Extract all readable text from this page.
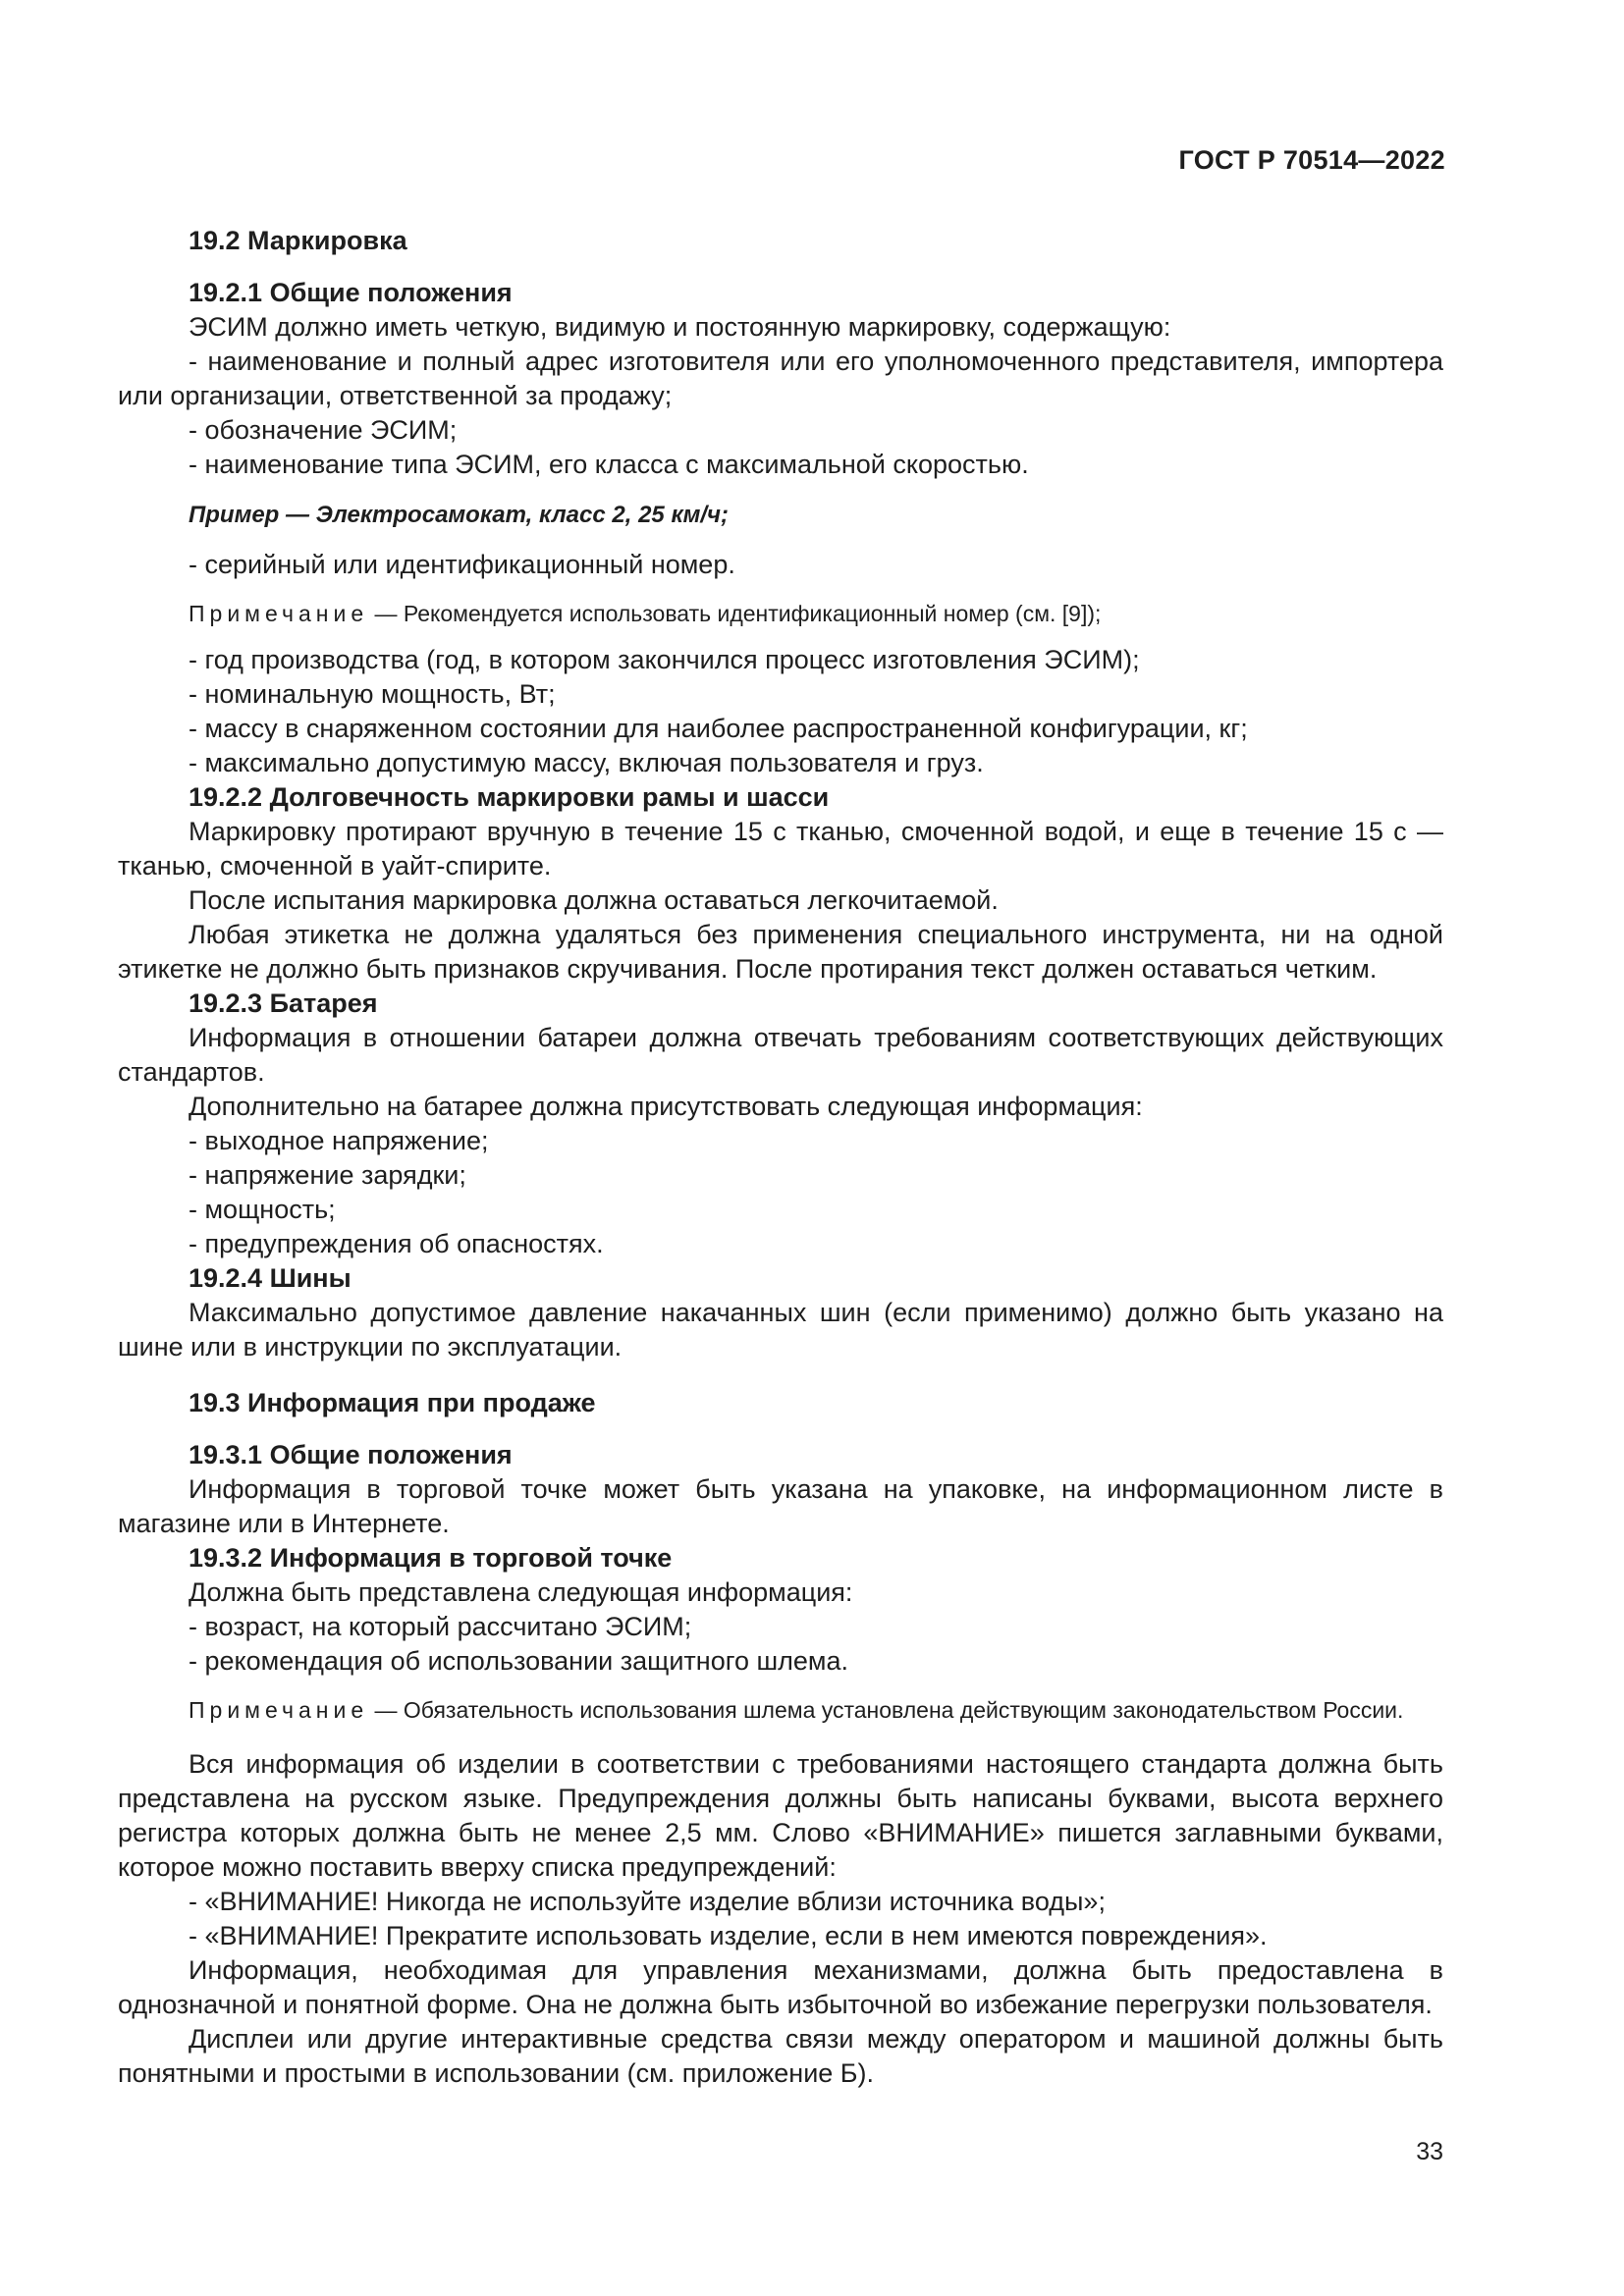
ГОСТ Р 70514—2022

19.2 Маркировка

19.2.1 Общие положения

ЭСИМ должно иметь четкую, видимую и постоянную маркировку, содержащую:

- наименование и полный адрес изготовителя или его уполномоченного представителя, импортера или организации, ответственной за продажу;

- обозначение ЭСИМ;

- наименование типа ЭСИМ, его класса с максимальной скоростью.

Пример — Электросамокат, класс 2, 25 км/ч;

- серийный или идентификационный номер.

Примечание — Рекомендуется использовать идентификационный номер (см. [9]);

- год производства (год, в котором закончился процесс изготовления ЭСИМ);

- номинальную мощность, Вт;

- массу в снаряженном состоянии для наиболее распространенной конфигурации, кг;

- максимально допустимую массу, включая пользователя и груз.

19.2.2 Долговечность маркировки рамы и шасси

Маркировку протирают вручную в течение 15 с тканью, смоченной водой, и еще в течение 15 с — тканью, смоченной в уайт-спирите.

После испытания маркировка должна оставаться легкочитаемой.

Любая этикетка не должна удаляться без применения специального инструмента, ни на одной этикетке не должно быть признаков скручивания. После протирания текст должен оставаться четким.

19.2.3 Батарея

Информация в отношении батареи должна отвечать требованиям соответствующих действующих стандартов.

Дополнительно на батарее должна присутствовать следующая информация:

- выходное напряжение;

- напряжение зарядки;

- мощность;

- предупреждения об опасностях.

19.2.4 Шины

Максимально допустимое давление накачанных шин (если применимо) должно быть указано на шине или в инструкции по эксплуатации.

19.3 Информация при продаже

19.3.1 Общие положения

Информация в торговой точке может быть указана на упаковке, на информационном листе в магазине или в Интернете.

19.3.2 Информация в торговой точке

Должна быть представлена следующая информация:

- возраст, на который рассчитано ЭСИМ;

- рекомендация об использовании защитного шлема.

Примечание — Обязательность использования шлема установлена действующим законодательством России.

Вся информация об изделии в соответствии с требованиями настоящего стандарта должна быть представлена на русском языке. Предупреждения должны быть написаны буквами, высота верхнего регистра которых должна быть не менее 2,5 мм. Слово «ВНИМАНИЕ» пишется заглавными буквами, которое можно поставить вверху списка предупреждений:

- «ВНИМАНИЕ! Никогда не используйте изделие вблизи источника воды»;

- «ВНИМАНИЕ! Прекратите использовать изделие, если в нем имеются повреждения».

Информация, необходимая для управления механизмами, должна быть предоставлена в однозначной и понятной форме. Она не должна быть избыточной во избежание перегрузки пользователя.

Дисплеи или другие интерактивные средства связи между оператором и машиной должны быть понятными и простыми в использовании (см. приложение Б).

33
